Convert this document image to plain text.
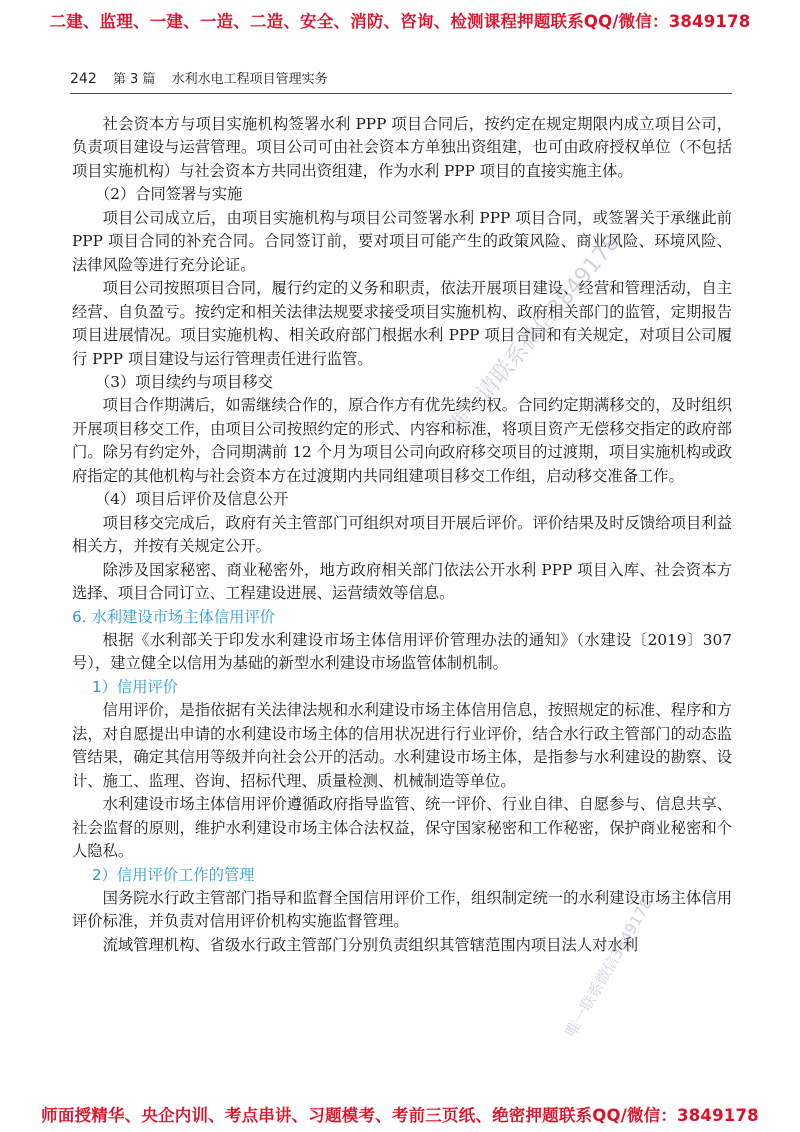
二建、监理、一建、一造、二造、安全、消防、咨询、检测课程押题联系QQ/微信：3849178
242 第 3 篇 水利水电工程项目管理实务

社会资本方与项目实施机构签署水利 PPP 项目合同后，按约定在规定期限内成立项目公司，负责项目建设与运营管理。项目公司可由社会资本方单独出资组建，也可由政府授权单位（不包括项目实施机构）与社会资本方共同出资组建，作为水利 PPP 项目的直接实施主体。

（2）合同签署与实施

项目公司成立后，由项目实施机构与项目公司签署水利 PPP 项目合同，或签署关于承继此前 PPP 项目合同的补充合同。合同签订前，要对项目可能产生的政策风险、商业风险、环境风险、法律风险等进行充分论证。

项目公司按照项目合同，履行约定的义务和职责，依法开展项目建设、经营和管理活动，自主经营、自负盈亏。按约定和相关法律法规要求接受项目实施机构、政府相关部门的监管，定期报告项目进展情况。项目实施机构、相关政府部门根据水利 PPP 项目合同和有关规定，对项目公司履行 PPP 项目建设与运行管理责任进行监管。

（3）项目续约与项目移交

项目合作期满后，如需继续合作的，原合作方有优先续约权。合同约定期满移交的，及时组织开展项目移交工作，由项目公司按照约定的形式、内容和标准，将项目资产无偿移交指定的政府部门。除另有约定外，合同期满前 12 个月为项目公司向政府移交项目的过渡期，项目实施机构或政府指定的其他机构与社会资本方在过渡期内共同组建项目移交工作组，启动移交准备工作。

（4）项目后评价及信息公开

项目移交完成后，政府有关主管部门可组织对项目开展后评价。评价结果及时反馈给项目利益相关方，并按有关规定公开。

除涉及国家秘密、商业秘密外，地方政府相关部门依法公开水利 PPP 项目入库、社会资本方选择、项目合同订立、工程建设进展、运营绩效等信息。

6. 水利建设市场主体信用评价

根据《水利部关于印发水利建设市场主体信用评价管理办法的通知》（水建设〔2019〕307 号），建立健全以信用为基础的新型水利建设市场监管体制机制。

1）信用评价

信用评价，是指依据有关法律法规和水利建设市场主体信用信息，按照规定的标准、程序和方法，对自愿提出申请的水利建设市场主体的信用状况进行行业评价，结合水行政主管部门的动态监管结果，确定其信用等级并向社会公开的活动。水利建设市场主体，是指参与水利建设的勘察、设计、施工、监理、咨询、招标代理、质量检测、机械制造等单位。

水利建设市场主体信用评价遵循政府指导监管、统一评价、行业自律、自愿参与、信息共享、社会监督的原则，维护水利建设市场主体合法权益，保守国家秘密和工作秘密，保护商业秘密和个人隐私。

2）信用评价工作的管理

国务院水行政主管部门指导和监督全国信用评价工作，组织制定统一的水利建设市场主体信用评价标准，并负责对信用评价机构实施监督管理。

流域管理机构、省级水行政主管部门分别负责组织其管辖范围内项目法人对水利

唯一请联系微信3849178
唯一联系微信3849178
师面授精华、央企内训、考点串讲、习题模考、考前三页纸、绝密押题联系QQ/微信：3849178
